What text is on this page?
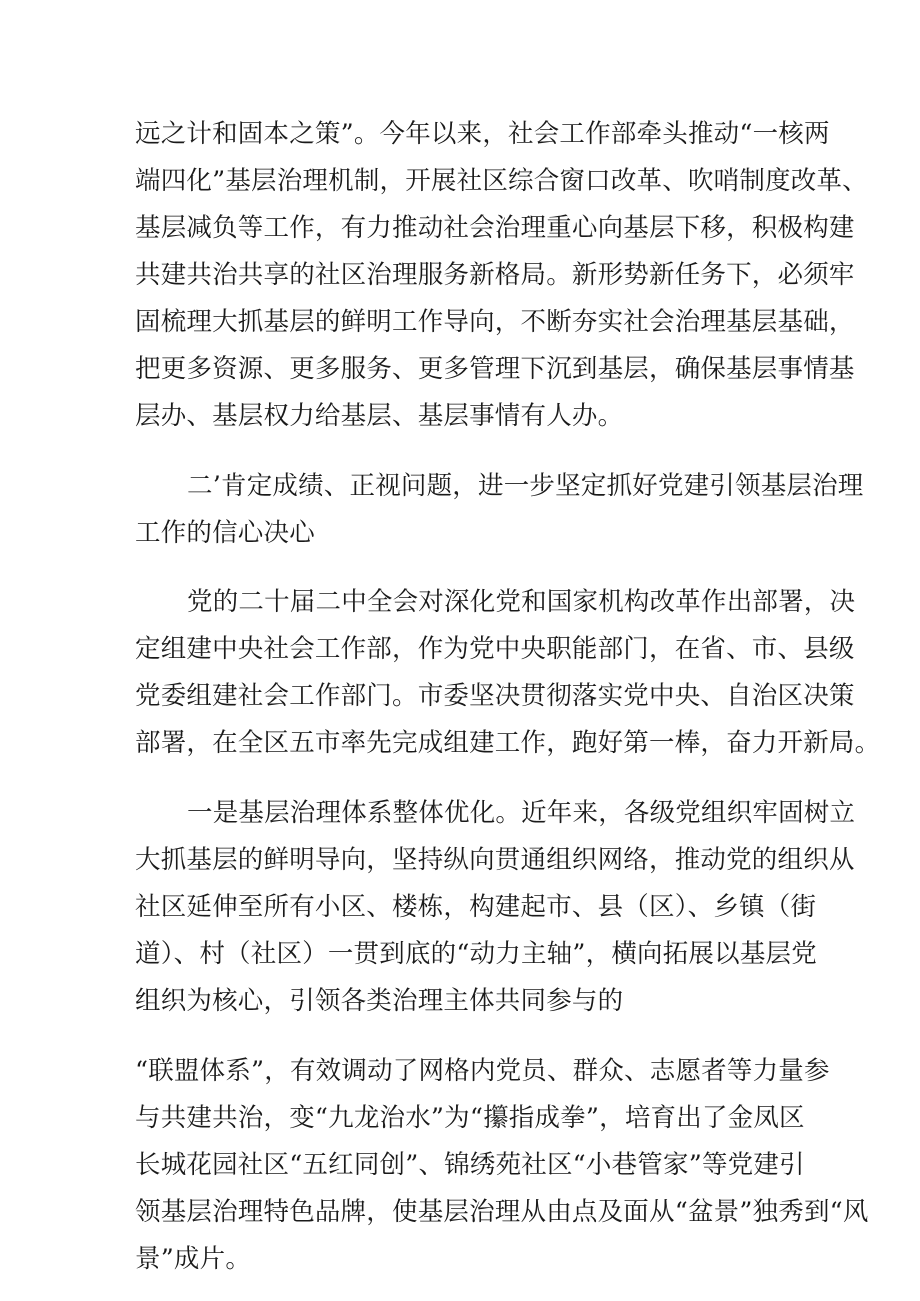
远之计和固本之策”。今年以来，社会工作部牵头推动“一核两

端四化”基层治理机制，开展社区综合窗口改革、吹哨制度改革、

基层减负等工作，有力推动社会治理重心向基层下移，积极构建

共建共治共享的社区治理服务新格局。新形势新任务下，必须牢

固梳理大抓基层的鲜明工作导向，不断夯实社会治理基层基础，

把更多资源、更多服务、更多管理下沉到基层，确保基层事情基

层办、基层权力给基层、基层事情有人办。

二’肯定成绩、正视问题，进一步坚定抓好党建引领基层治理

工作的信心决心

党的二十届二中全会对深化党和国家机构改革作出部署，决

定组建中央社会工作部，作为党中央职能部门，在省、市、县级

党委组建社会工作部门。市委坚决贯彻落实党中央、自治区决策

部署，在全区五市率先完成组建工作，跑好第一棒，奋力开新局。

一是基层治理体系整体优化。近年来，各级党组织牢固树立

大抓基层的鲜明导向，坚持纵向贯通组织网络，推动党的组织从

社区延伸至所有小区、楼栋，构建起市、县（区）、乡镇（街

道）、村（社区）一贯到底的“动力主轴”，横向拓展以基层党

组织为核心，引领各类治理主体共同参与的

“联盟体系”，有效调动了网格内党员、群众、志愿者等力量参

与共建共治，变“九龙治水”为“攥指成拳”，培育出了金凤区

长城花园社区“五红同创”、锦绣苑社区“小巷管家”等党建引

领基层治理特色品牌，使基层治理从由点及面从“盆景”独秀到“风

景”成片。
